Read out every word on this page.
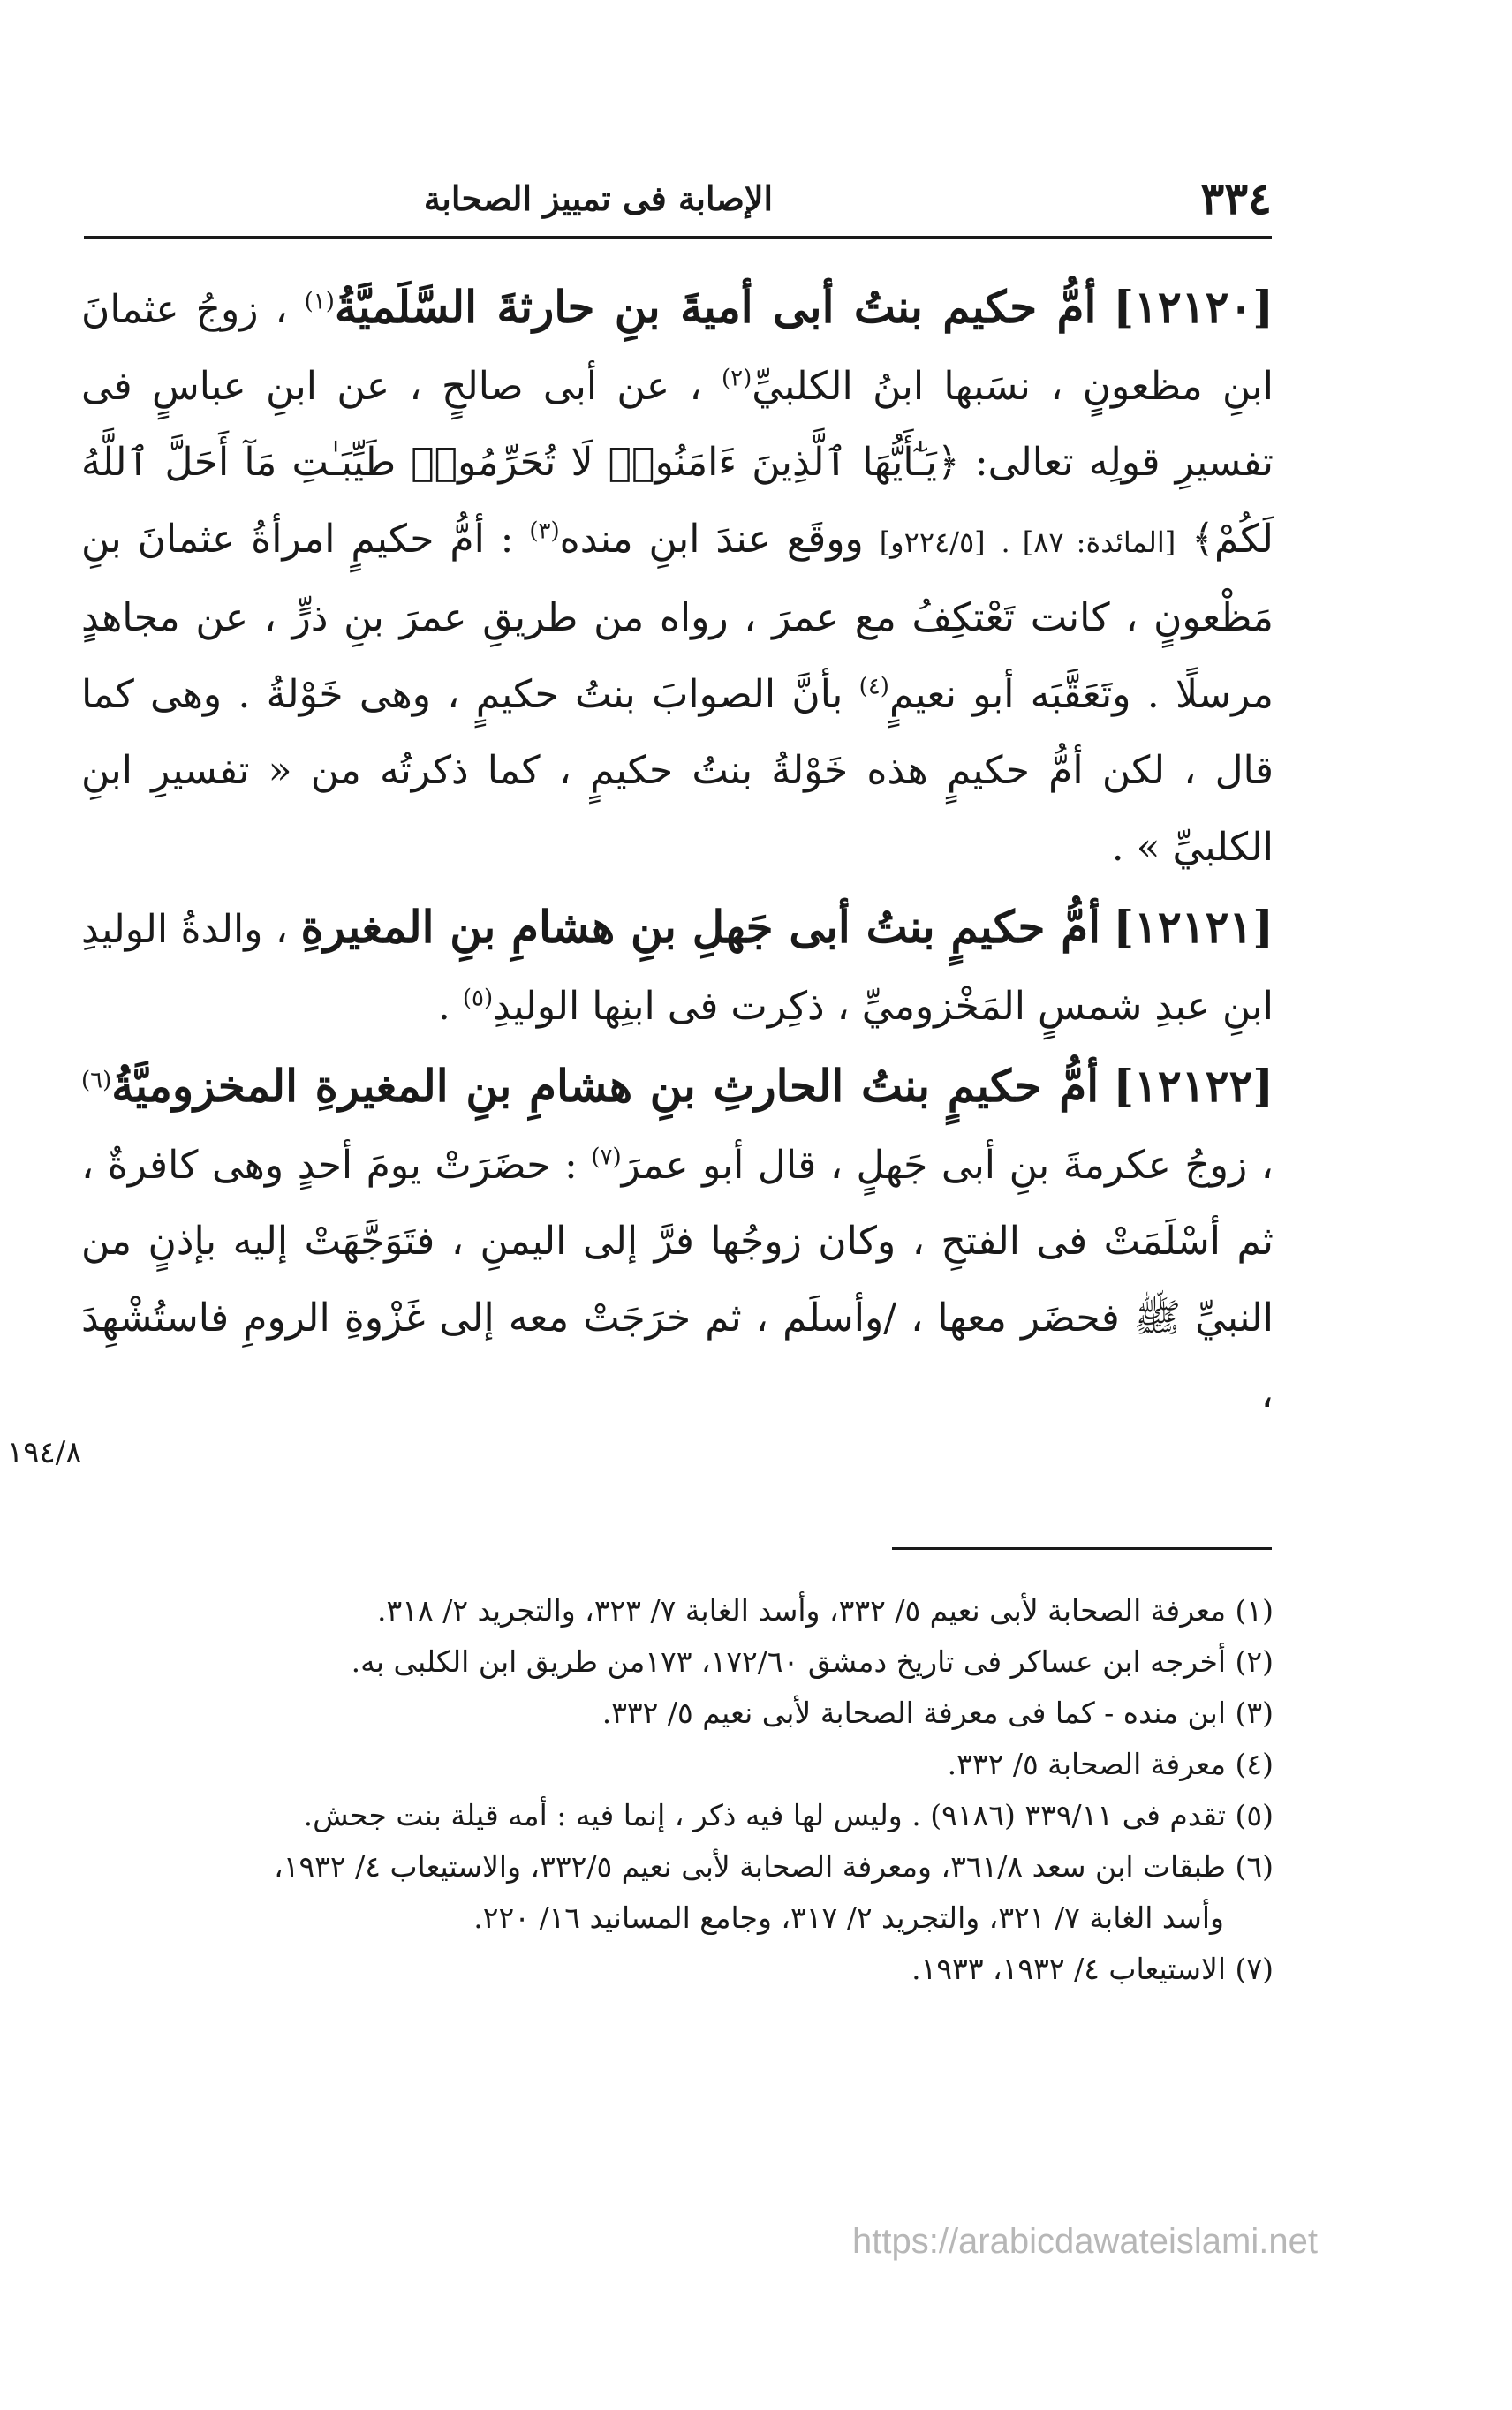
٣٣٤
الإصابة فى تمييز الصحابة

[١٢١٢٠] أمُّ حكيم بنتُ أبى أميةَ بنِ حارثةَ السَّلَميَّةُ$^{(١)}$ ، زوجُ عثمانَ ابنِ مظعونٍ ، نسَبها ابنُ الكلبيِّ$^{(٢)}$ ، عن أبى صالحٍ ، عن ابنِ عباسٍ فى تفسيرِ قولِه تعالى: ﴿يَـٰٓأَيُّهَا ٱلَّذِينَ ءَامَنُوا۟ لَا تُحَرِّمُوا۟ طَيِّبَـٰتِ مَآ أَحَلَّ ٱللَّهُ لَكُمْ﴾ [المائدة: ٨٧] . [٢٢٤/٥و] ووقَع عندَ ابنِ منده$^{(٣)}$ : أمُّ حكيمٍ امرأةُ عثمانَ بنِ مَظْعونٍ ، كانت تَعْتكِفُ مع عمرَ ، رواه من طريقِ عمرَ بنِ ذرٍّ ، عن مجاهدٍ مرسلًا . وتَعَقَّبَه أبو نعيمٍ$^{(٤)}$ بأنَّ الصوابَ بنتُ حكيمٍ ، وهى خَوْلةُ . وهى كما قال ، لكن أمُّ حكيمٍ هذه خَوْلةُ بنتُ حكيمٍ ، كما ذكرتُه من « تفسيرِ ابنِ الكلبيِّ » .

[١٢١٢١] أمُّ حكيمٍ بنتُ أبى جَهلِ بنِ هشامِ بنِ المغيرةِ ، والدةُ الوليدِ ابنِ عبدِ شمسٍ المَخْزوميِّ ، ذكِرت فى ابنِها الوليدِ$^{(٥)}$ .

[١٢١٢٢] أمُّ حكيمٍ بنتُ الحارثِ بنِ هشامِ بنِ المغيرةِ المخزوميَّةُ$^{(٦)}$ ، زوجُ عكرمةَ بنِ أبى جَهلٍ ، قال أبو عمرَ$^{(٧)}$ : حضَرَتْ يومَ أحدٍ وهى كافرةٌ ، ثم أسْلَمَتْ فى الفتحِ ، وكان زوجُها فرَّ إلى اليمنِ ، فتَوَجَّهَتْ إليه بإذنٍ من النبيِّ ﷺ فحضَر معها ، /وأسلَم ، ثم خرَجَتْ معه إلى غَزْوةِ الرومِ فاستُشْهِدَ ،

١٩٤/٨

(١) معرفة الصحابة لأبى نعيم ٥/ ٣٣٢، وأسد الغابة ٧/ ٣٢٣، والتجريد ٢/ ٣١٨.

(٢) أخرجه ابن عساكر فى تاريخ دمشق ١٧٢/٦٠، ١٧٣من طريق ابن الكلبى به.

(٣) ابن منده - كما فى معرفة الصحابة لأبى نعيم ٥/ ٣٣٢.

(٤) معرفة الصحابة ٥/ ٣٣٢.

(٥) تقدم فى ٣٣٩/١١ (٩١٨٦) . وليس لها فيه ذكر ، إنما فيه : أمه قيلة بنت جحش.

(٦) طبقات ابن سعد ٣٦١/٨، ومعرفة الصحابة لأبى نعيم ٣٣٢/٥، والاستيعاب ٤/ ١٩٣٢،

وأسد الغابة ٧/ ٣٢١، والتجريد ٢/ ٣١٧، وجامع المسانيد ١٦/ ٢٢٠.

(٧) الاستيعاب ٤/ ١٩٣٢، ١٩٣٣.

https://arabicdawateislami.net
